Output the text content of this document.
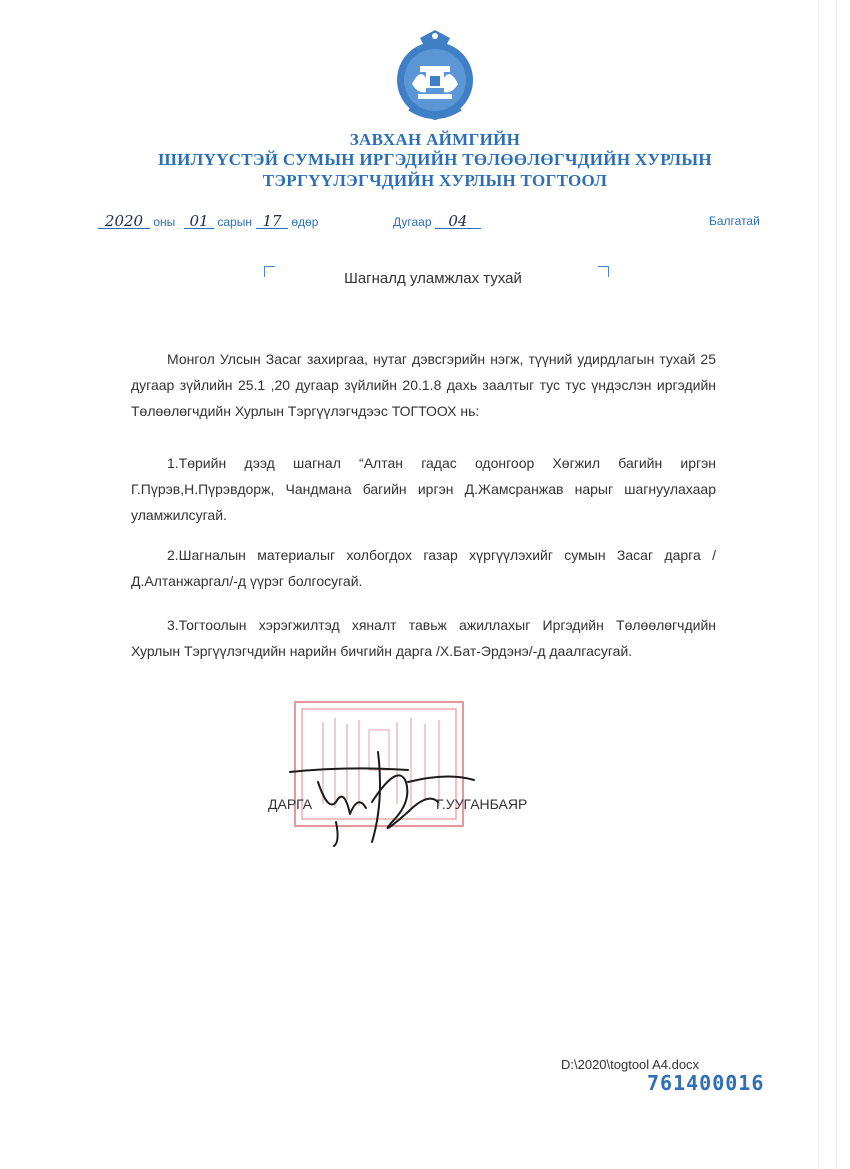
ЗАВХАН АЙМГИЙН
ШИЛҮҮСТЭЙ СУМЫН ИРГЭДИЙН ТӨЛӨӨЛӨГЧДИЙН ХУРЛЫН
ТЭРГҮҮЛЭГЧДИЙН ХУРЛЫН ТОГТООЛ
2020 оны 01 сарын 17 өдөр	Дугаар 04	Балгатай
Шагналд уламжлах тухай

Монгол Улсын Засаг захиргаа, нутаг дэвсгэрийн нэгж, түүний удирдлагын тухай 25 дугаар зүйлийн 25.1 ,20 дугаар зүйлийн 20.1.8 дахь заалтыг тус тус үндэслэн иргэдийн Төлөөлөгчдийн Хурлын Тэргүүлэгчдээс ТОГТООХ нь:

1.Төрийн дээд шагнал “Алтан гадас одонгоор Хөгжил багийн иргэн Г.Пүрэв,Н.Пүрэвдорж, Чандмана багийн иргэн Д.Жамсранжав нарыг шагнуулахаар уламжилсугай.

2.Шагналын материалыг холбогдох газар хүргүүлэхийг сумын Засаг дарга /Д.Алтанжаргал/-д үүрэг болгосугай.

3.Тогтоолын хэрэгжилтэд хяналт тавьж ажиллахыг Иргэдийн Төлөөлөгчдийн Хурлын Тэргүүлэгчдийн нарийн бичгийн дарга /Х.Бат-Эрдэнэ/-д даалгасугай.

ДАРГА	Г.УУГАНБАЯР
D:\2020\togtool A4.docx
761400016
